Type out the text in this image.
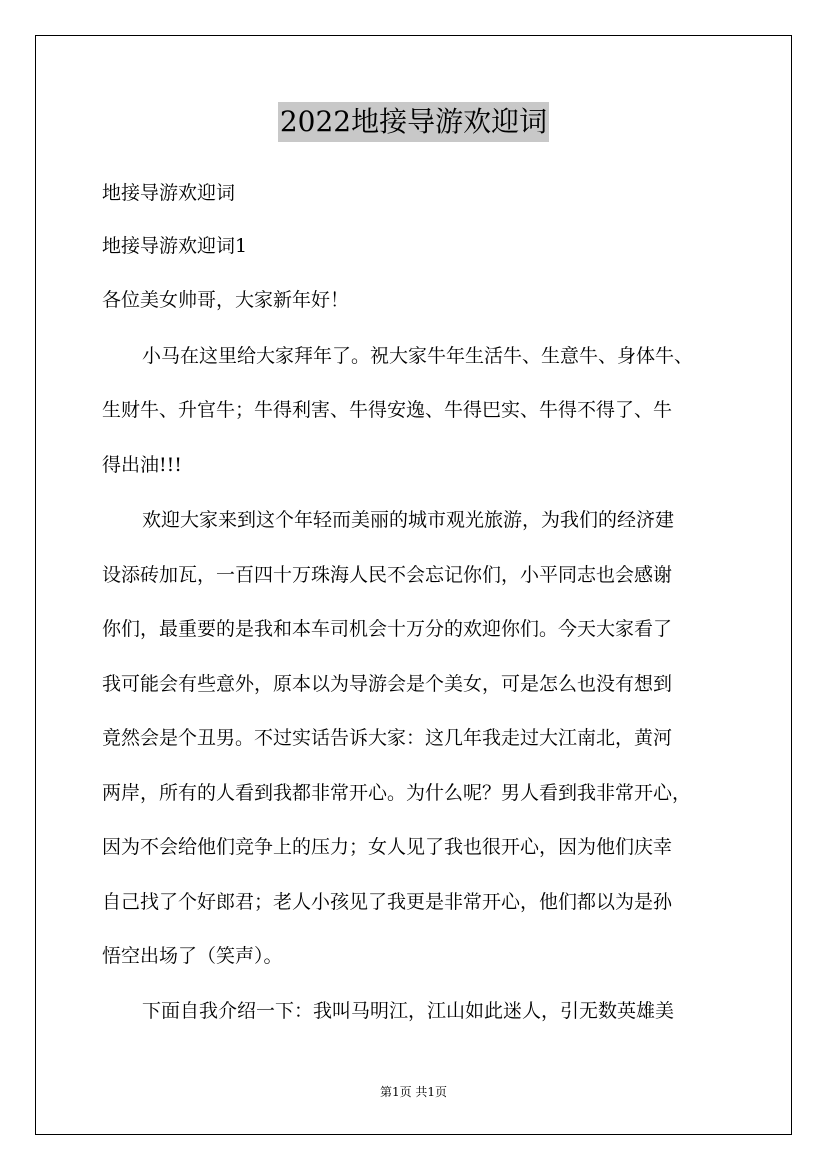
2022地接导游欢迎词
地接导游欢迎词
地接导游欢迎词1
各位美女帅哥，大家新年好！
小马在这里给大家拜年了。祝大家牛年生活牛、生意牛、身体牛、
生财牛、升官牛；牛得利害、牛得安逸、牛得巴实、牛得不得了、牛
得出油!!!
欢迎大家来到这个年轻而美丽的城市观光旅游，为我们的经济建
设添砖加瓦，一百四十万珠海人民不会忘记你们，小平同志也会感谢
你们，最重要的是我和本车司机会十万分的欢迎你们。今天大家看了
我可能会有些意外，原本以为导游会是个美女，可是怎么也没有想到
竟然会是个丑男。不过实话告诉大家：这几年我走过大江南北，黄河
两岸，所有的人看到我都非常开心。为什么呢？男人看到我非常开心，
因为不会给他们竞争上的压力；女人见了我也很开心，因为他们庆幸
自己找了个好郎君；老人小孩见了我更是非常开心，他们都以为是孙
悟空出场了（笑声）。
下面自我介绍一下：我叫马明江，江山如此迷人，引无数英雄美
第1页 共1页
